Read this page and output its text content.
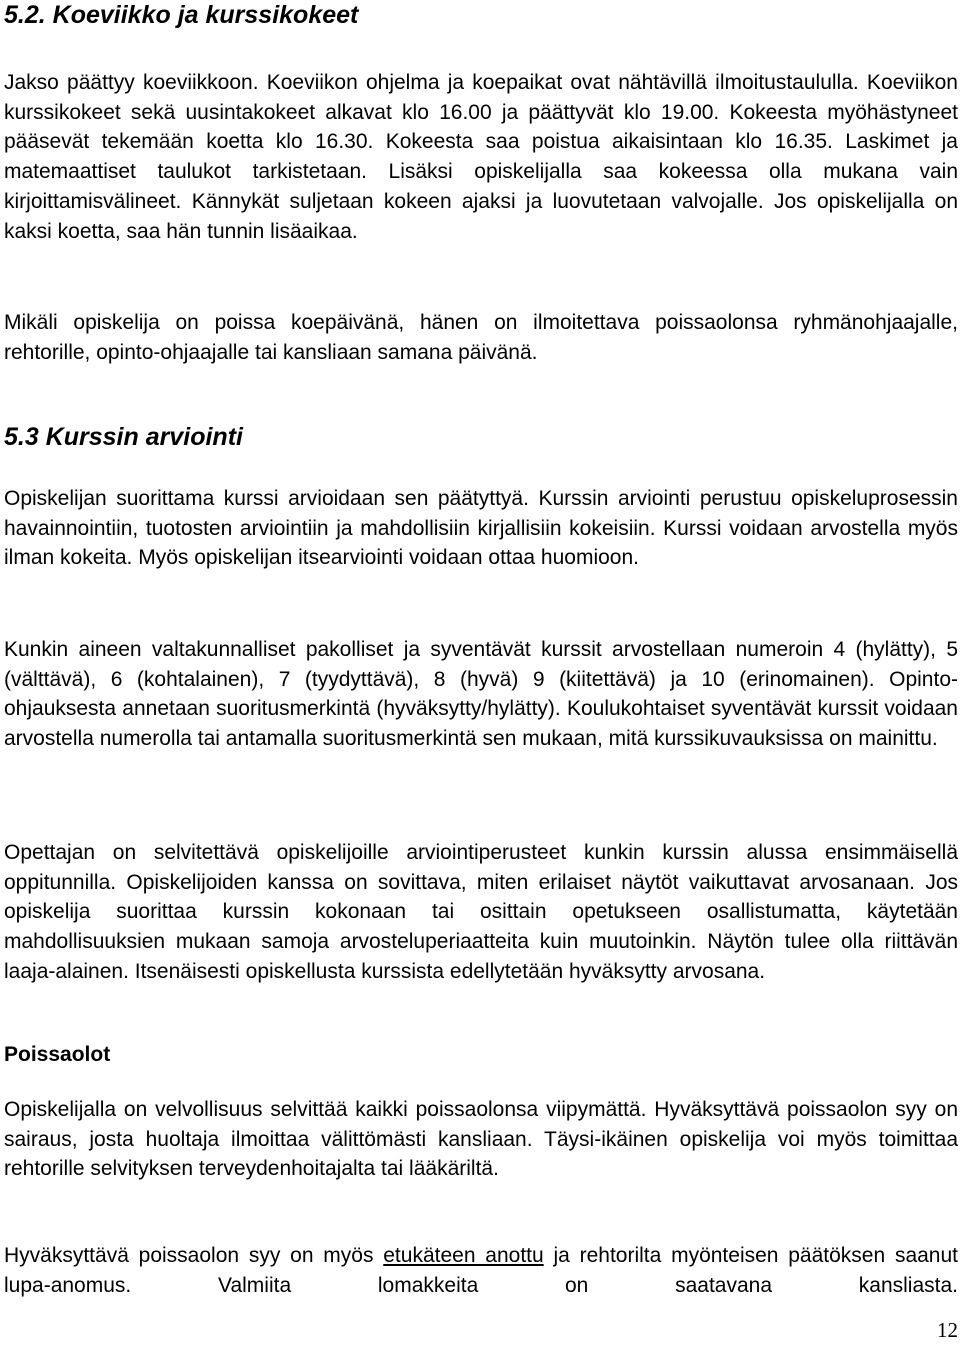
5.2. Koeviikko ja kurssikokeet

Jakso päättyy koeviikkoon. Koeviikon ohjelma ja koepaikat ovat nähtävillä ilmoitustaululla. Koeviikon kurssikokeet sekä uusintakokeet alkavat klo 16.00 ja päättyvät klo 19.00. Kokeesta myöhästyneet pääsevät tekemään koetta klo 16.30. Kokeesta saa poistua aikaisintaan klo 16.35. Laskimet ja matemaattiset taulukot tarkistetaan. Lisäksi opiskelijalla saa kokeessa olla mukana vain kirjoittamisvälineet. Kännykät suljetaan kokeen ajaksi ja luovutetaan valvojalle. Jos opiskelijalla on kaksi koetta, saa hän tunnin lisäaikaa.

Mikäli opiskelija on poissa koepäivänä, hänen on ilmoitettava poissaolonsa ryhmänohjaajalle, rehtorille, opinto-ohjaajalle tai kansliaan samana päivänä.

5.3 Kurssin arviointi

Opiskelijan suorittama kurssi arvioidaan sen päätyttyä. Kurssin arviointi perustuu opiskeluprosessin havainnointiin, tuotosten arviointiin ja mahdollisiin kirjallisiin kokeisiin. Kurssi voidaan arvostella myös ilman kokeita. Myös opiskelijan itsearviointi voidaan ottaa huomioon.

Kunkin aineen valtakunnalliset pakolliset ja syventävät kurssit arvostellaan numeroin 4 (hylätty), 5 (välttävä), 6 (kohtalainen), 7 (tyydyttävä), 8 (hyvä) 9 (kiitettävä) ja 10 (erinomainen). Opinto-ohjauksesta annetaan suoritusmerkintä (hyväksytty/hylätty). Koulukohtaiset syventävät kurssit voidaan arvostella numerolla tai antamalla suoritusmerkintä sen mukaan, mitä kurssikuvauksissa on mainittu.

Opettajan on selvitettävä opiskelijoille arviointiperusteet kunkin kurssin alussa ensimmäisellä oppitunnilla. Opiskelijoiden kanssa on sovittava, miten erilaiset näytöt vaikuttavat arvosanaan. Jos opiskelija suorittaa kurssin kokonaan tai osittain opetukseen osallistumatta, käytetään mahdollisuuksien mukaan samoja arvosteluperiaatteita kuin muutoinkin. Näytön tulee olla riittävän laaja-alainen. Itsenäisesti opiskellusta kurssista edellytetään hyväksytty arvosana.

Poissaolot

Opiskelijalla on velvollisuus selvittää kaikki poissaolonsa viipymättä. Hyväksyttävä poissaolon syy on sairaus, josta huoltaja ilmoittaa välittömästi kansliaan. Täysi-ikäinen opiskelija voi myös toimittaa rehtorille selvityksen terveydenhoitajalta tai lääkäriltä.

Hyväksyttävä poissaolon syy on myös etukäteen anottu ja rehtorilta myönteisen päätöksen saanut lupa-anomus. Valmiita lomakkeita on saatavana kansliasta.

12
